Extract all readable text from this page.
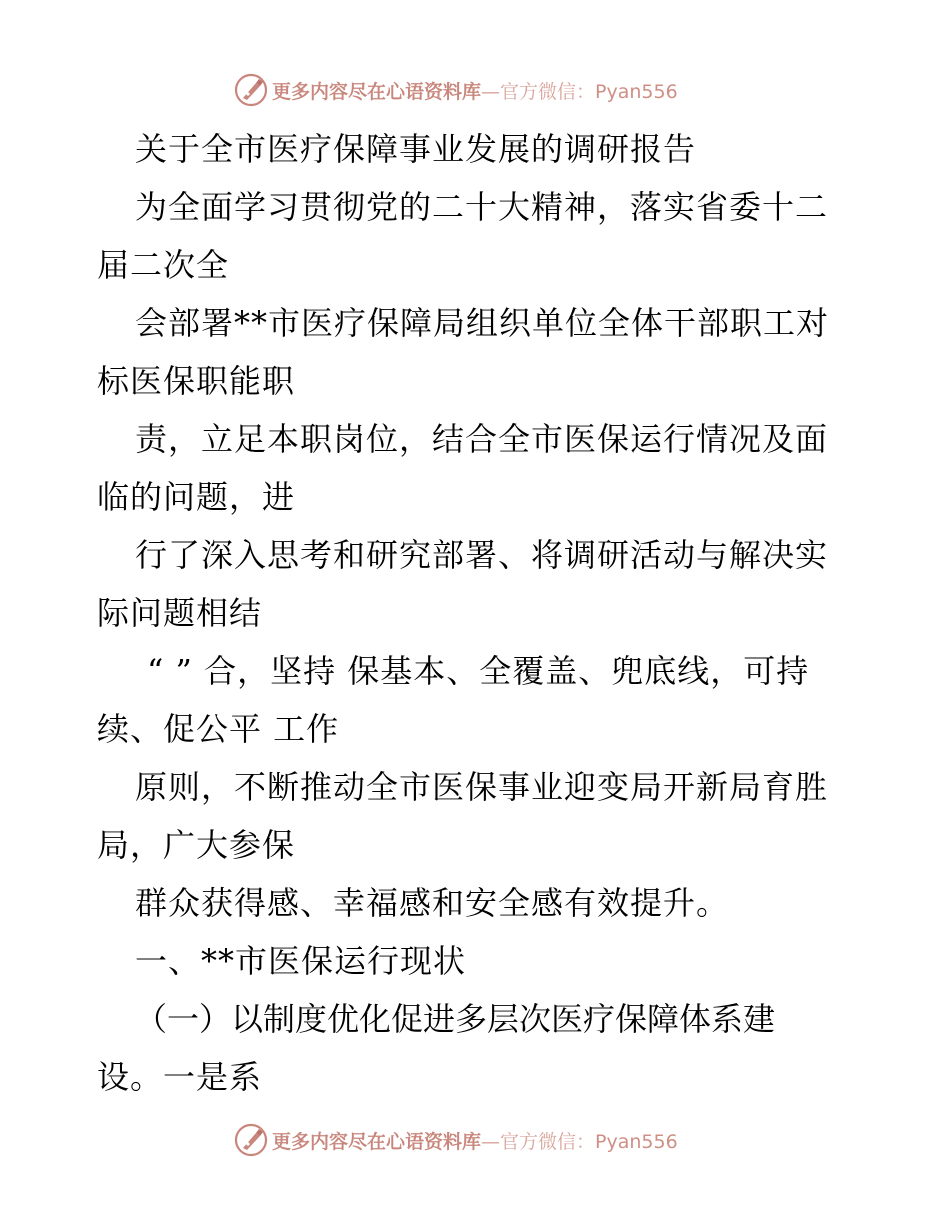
更多内容尽在心语资料库—官方微信：Pyan556
关于全市医疗保障事业发展的调研报告
为全面学习贯彻党的二十大精神，落实省委十二
届二次全
会部署**市医疗保障局组织单位全体干部职工对
标医保职能职
责，立足本职岗位，结合全市医保运行情况及面
临的问题，进
行了深入思考和研究部署、将调研活动与解决实
际问题相结
“ ” 合，坚持 保基本、全覆盖、兜底线，可持
续、促公平 工作
原则，不断推动全市医保事业迎变局开新局育胜
局，广大参保
群众获得感、幸福感和安全感有效提升。
一、**市医保运行现状
（一）以制度优化促进多层次医疗保障体系建
设。一是系
更多内容尽在心语资料库—官方微信：Pyan556
